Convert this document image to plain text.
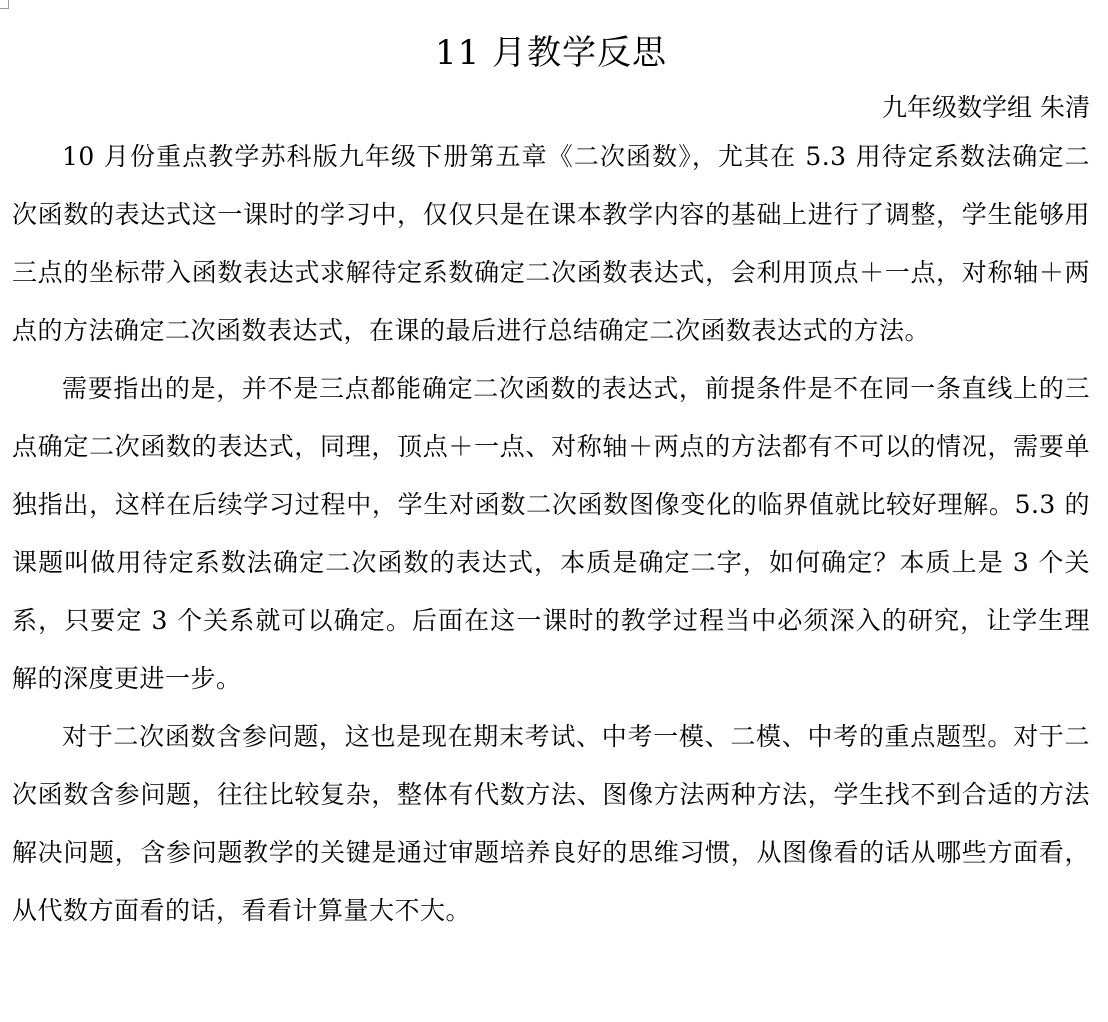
11 月教学反思
九年级数学组 朱清

10 月份重点教学苏科版九年级下册第五章《二次函数》，尤其在 5.3 用待定系数法确定二次函数的表达式这一课时的学习中，仅仅只是在课本教学内容的基础上进行了调整，学生能够用三点的坐标带入函数表达式求解待定系数确定二次函数表达式，会利用顶点＋一点，对称轴＋两点的方法确定二次函数表达式，在课的最后进行总结确定二次函数表达式的方法。

需要指出的是，并不是三点都能确定二次函数的表达式，前提条件是不在同一条直线上的三点确定二次函数的表达式，同理，顶点＋一点、对称轴＋两点的方法都有不可以的情况，需要单独指出，这样在后续学习过程中，学生对函数二次函数图像变化的临界值就比较好理解。5.3 的课题叫做用待定系数法确定二次函数的表达式，本质是确定二字，如何确定？本质上是 3 个关系，只要定 3 个关系就可以确定。后面在这一课时的教学过程当中必须深入的研究，让学生理解的深度更进一步。

对于二次函数含参问题，这也是现在期末考试、中考一模、二模、中考的重点题型。对于二次函数含参问题，往往比较复杂，整体有代数方法、图像方法两种方法，学生找不到合适的方法解决问题，含参问题教学的关键是通过审题培养良好的思维习惯，从图像看的话从哪些方面看，从代数方面看的话，看看计算量大不大。
